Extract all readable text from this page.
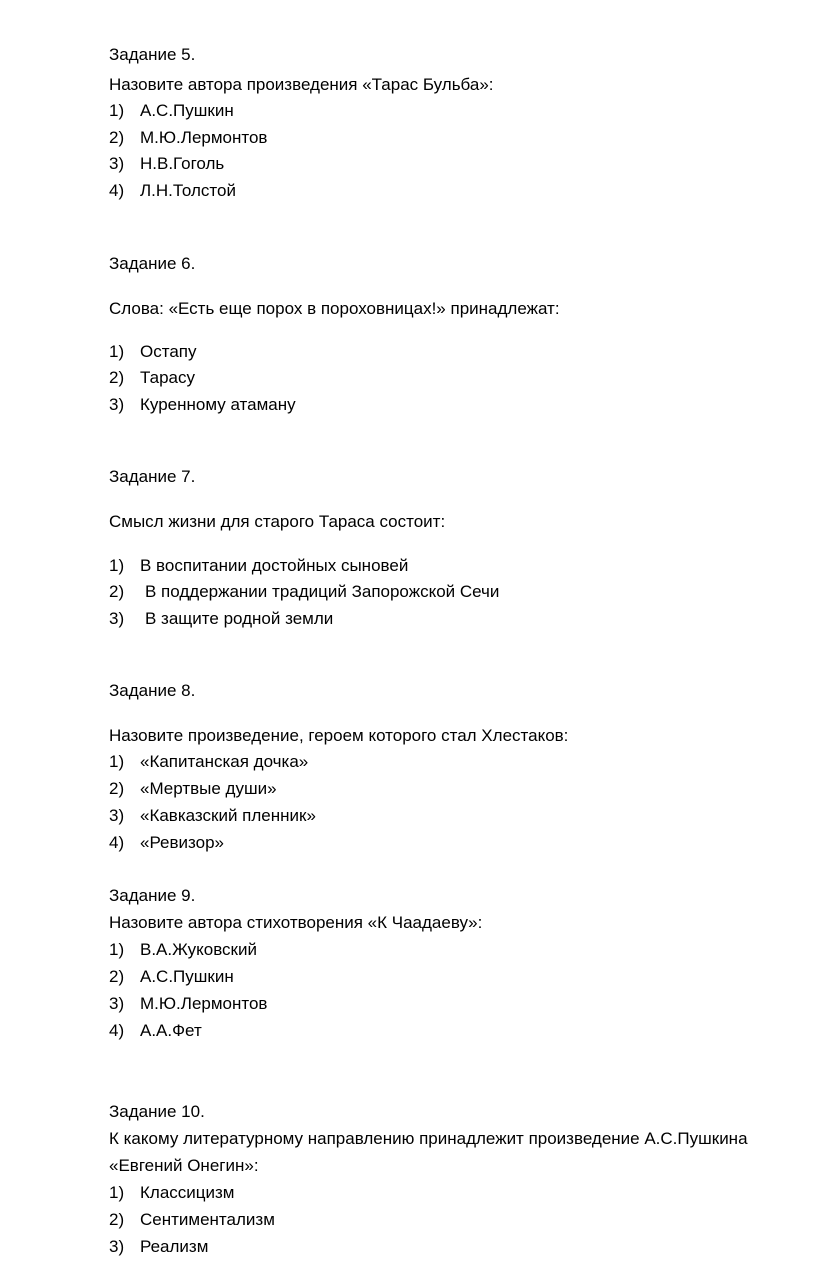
Задание 5.
Назовите автора произведения «Тарас Бульба»:
1) А.С.Пушкин
2) М.Ю.Лермонтов
3) Н.В.Гоголь
4) Л.Н.Толстой
Задание 6.
Слова: «Есть еще порох в пороховницах!» принадлежат:
1) Остапу
2) Тарасу
3) Куренному атаману
Задание 7.
Смысл жизни для старого Тараса состоит:
1) В воспитании достойных сыновей
2) В поддержании традиций Запорожской Сечи
3) В защите родной земли
Задание 8.
Назовите произведение, героем которого стал Хлестаков:
1) «Капитанская дочка»
2) «Мертвые души»
3) «Кавказский пленник»
4) «Ревизор»
Задание 9.
Назовите автора стихотворения «К Чаадаеву»:
1) В.А.Жуковский
2) А.С.Пушкин
3) М.Ю.Лермонтов
4) А.А.Фет
Задание 10.
К какому литературному направлению принадлежит произведение А.С.Пушкина
«Евгений Онегин»:
1) Классицизм
2) Сентиментализм
3) Реализм
